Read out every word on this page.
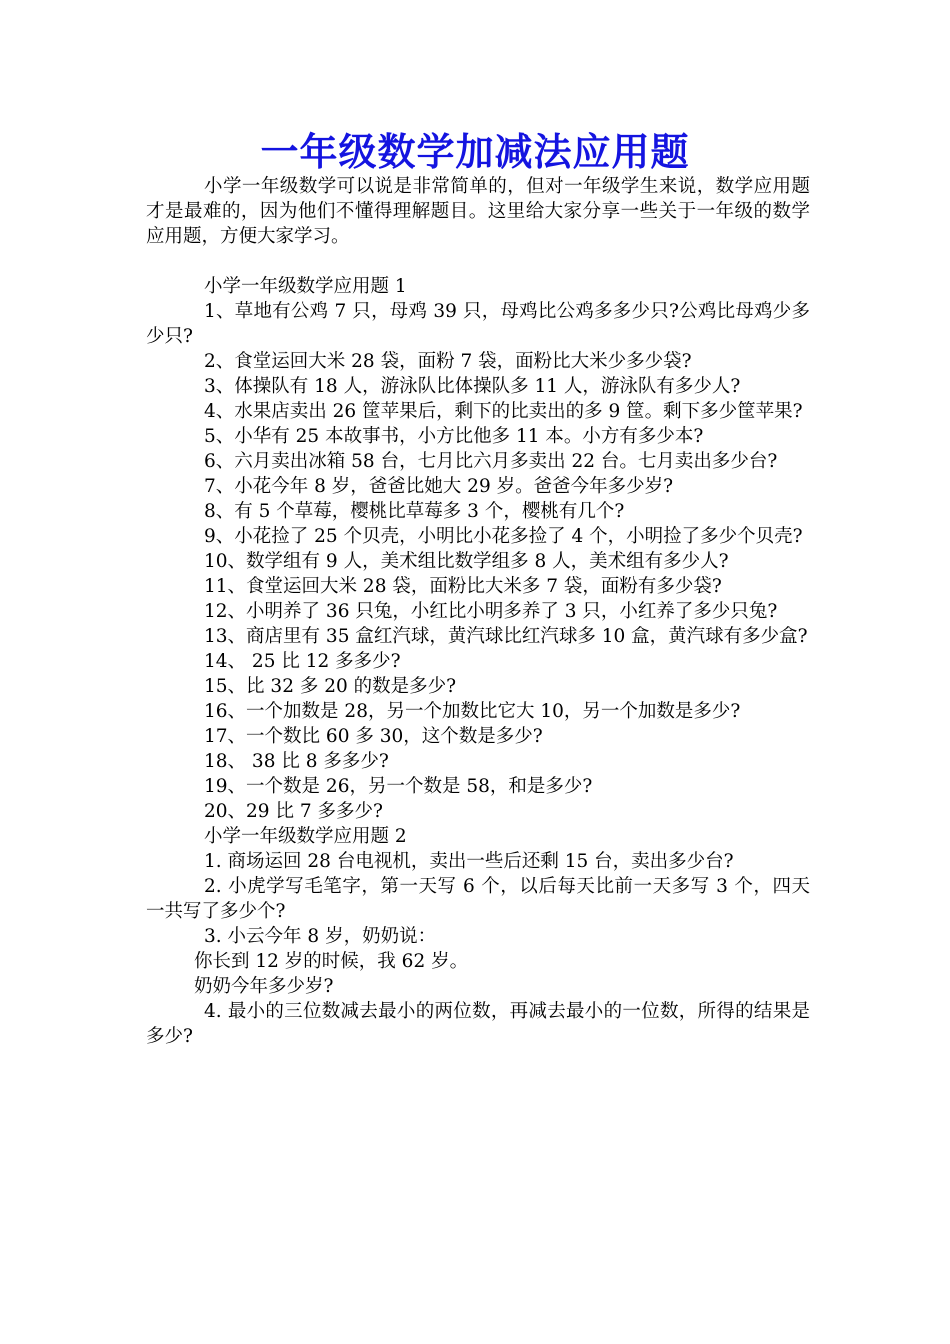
一年级数学加减法应用题

小学一年级数学可以说是非常简单的，但对一年级学生来说，数学应用题才是最难的，因为他们不懂得理解题目。这里给大家分享一些关于一年级的数学应用题，方便大家学习。

小学一年级数学应用题 1

1、草地有公鸡 7 只，母鸡 39 只，母鸡比公鸡多多少只?公鸡比母鸡少多少只?

2、食堂运回大米 28 袋，面粉 7 袋，面粉比大米少多少袋?

3、体操队有 18 人，游泳队比体操队多 11 人，游泳队有多少人?

4、水果店卖出 26 筐苹果后，剩下的比卖出的多 9 筐。剩下多少筐苹果?

5、小华有 25 本故事书，小方比他多 11 本。小方有多少本?

6、六月卖出冰箱 58 台，七月比六月多卖出 22 台。七月卖出多少台?

7、小花今年 8 岁，爸爸比她大 29 岁。爸爸今年多少岁?

8、有 5 个草莓，樱桃比草莓多 3 个，樱桃有几个?

9、小花捡了 25 个贝壳，小明比小花多捡了 4 个，小明捡了多少个贝壳?

10、数学组有 9 人，美术组比数学组多 8 人，美术组有多少人?

11、食堂运回大米 28 袋，面粉比大米多 7 袋，面粉有多少袋?

12、小明养了 36 只兔，小红比小明多养了 3 只，小红养了多少只兔?

13、商店里有 35 盒红汽球，黄汽球比红汽球多 10 盒，黄汽球有多少盒?

14、 25 比 12 多多少?

15、比 32 多 20 的数是多少?

16、一个加数是 28，另一个加数比它大 10，另一个加数是多少?

17、一个数比 60 多 30，这个数是多少?

18、 38 比 8 多多少?

19、一个数是 26，另一个数是 58，和是多少?

20、29 比 7 多多少?

小学一年级数学应用题 2

1. 商场运回 28 台电视机，卖出一些后还剩 15 台，卖出多少台?

2. 小虎学写毛笔字，第一天写 6 个，以后每天比前一天多写 3 个，四天一共写了多少个?

3. 小云今年 8 岁，奶奶说：

你长到 12 岁的时候，我 62 岁。

奶奶今年多少岁?

4. 最小的三位数减去最小的两位数，再减去最小的一位数，所得的结果是多少?
